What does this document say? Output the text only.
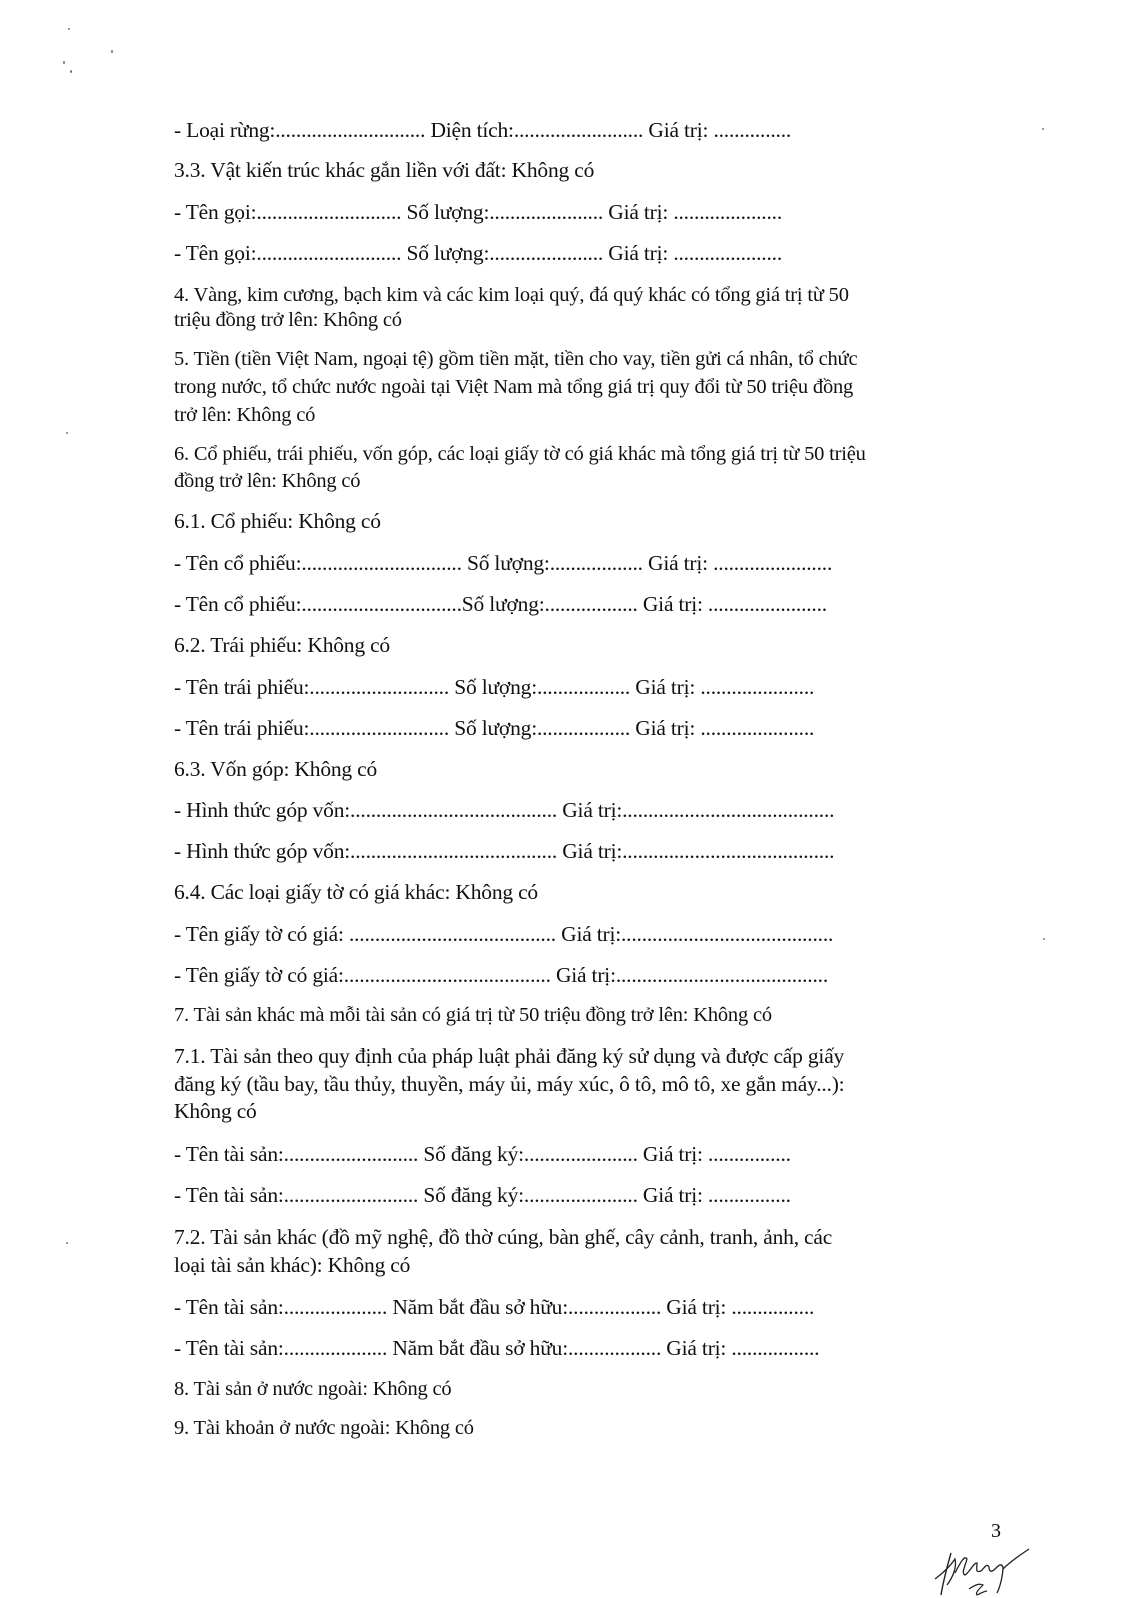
- Loại rừng:............................. Diện tích:......................... Giá trị: ...............
3.3. Vật kiến trúc khác gắn liền với đất: Không có
- Tên gọi:............................ Số lượng:...................... Giá trị: .....................
- Tên gọi:............................ Số lượng:...................... Giá trị: .....................
4. Vàng, kim cương, bạch kim và các kim loại quý, đá quý khác có tổng giá trị từ 50
triệu đồng trở lên: Không có
5. Tiền (tiền Việt Nam, ngoại tệ) gồm tiền mặt, tiền cho vay, tiền gửi cá nhân, tổ chức
trong nước, tổ chức nước ngoài tại Việt Nam mà tổng giá trị quy đổi từ 50 triệu đồng
trở lên: Không có
6. Cổ phiếu, trái phiếu, vốn góp, các loại giấy tờ có giá khác mà tổng giá trị từ 50 triệu
đồng trở lên: Không có
6.1. Cổ phiếu: Không có
- Tên cổ phiếu:............................... Số lượng:.................. Giá trị: .......................
- Tên cổ phiếu:...............................Số lượng:.................. Giá trị: .......................
6.2. Trái phiếu: Không có
- Tên trái phiếu:........................... Số lượng:.................. Giá trị: ......................
- Tên trái phiếu:........................... Số lượng:.................. Giá trị: ......................
6.3. Vốn góp: Không có
- Hình thức góp vốn:........................................ Giá trị:.........................................
- Hình thức góp vốn:........................................ Giá trị:.........................................
6.4. Các loại giấy tờ có giá khác: Không có
- Tên giấy tờ có giá: ........................................ Giá trị:.........................................
- Tên giấy tờ có giá:........................................ Giá trị:.........................................
7. Tài sản khác mà mỗi tài sản có giá trị từ 50 triệu đồng trở lên: Không có
7.1. Tài sản theo quy định của pháp luật phải đăng ký sử dụng và được cấp giấy
đăng ký (tầu bay, tầu thủy, thuyền, máy ủi, máy xúc, ô tô, mô tô, xe gắn máy...):
Không có
- Tên tài sản:.......................... Số đăng ký:...................... Giá trị: ................
- Tên tài sản:.......................... Số đăng ký:...................... Giá trị: ................
7.2. Tài sản khác (đồ mỹ nghệ, đồ thờ cúng, bàn ghế, cây cảnh, tranh, ảnh, các
loại tài sản khác): Không có
- Tên tài sản:.................... Năm bắt đầu sở hữu:.................. Giá trị: ................
- Tên tài sản:.................... Năm bắt đầu sở hữu:.................. Giá trị: .................
8. Tài sản ở nước ngoài: Không có
9. Tài khoản ở nước ngoài: Không có
3
